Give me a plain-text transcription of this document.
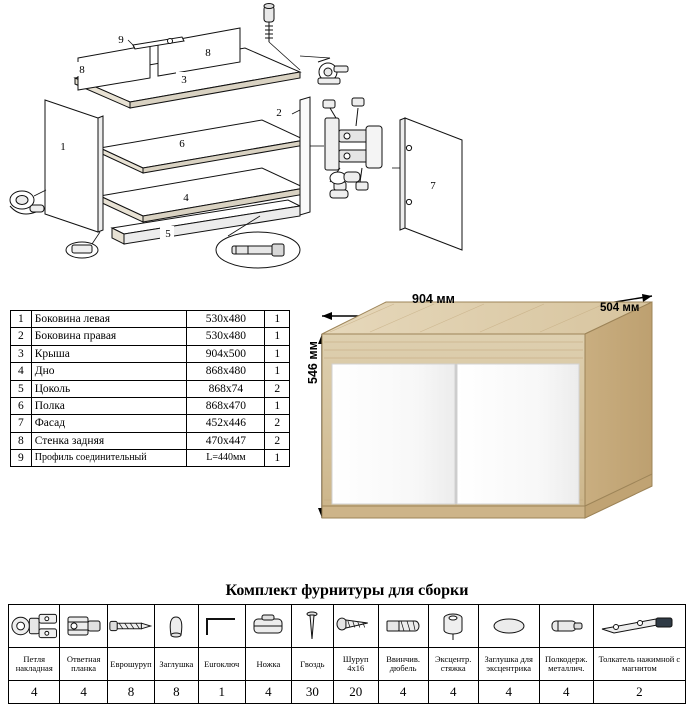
1
2
3
4
5
6
7
8
8
9
1	Боковина левая	530х480	1
2	Боковина правая	530х480	1
3	Крыша	904х500	1
4	Дно	868х480	1
5	Цоколь	868х74	2
6	Полка	868х470	1
7	Фасад	452х446	2
8	Стенка задняя	470х447	2
9	Профиль соединительный	L=440мм	1
904 мм
504 мм
546 мм
Комплект фурнитуры для сборки

Петля накладная	Ответная планка	Еврошуруп	Заглушка	Euroключ	Ножка	Гвоздь	Шуруп 4х16	Ввинчив. дюбель	Эксцентр. стяжка	Заглушка для эксцентрика	Полкодерж. металлич.	Толкатель нажимной с магнитом
4	4	8	8	1	4	30	20	4	4	4	4	2
